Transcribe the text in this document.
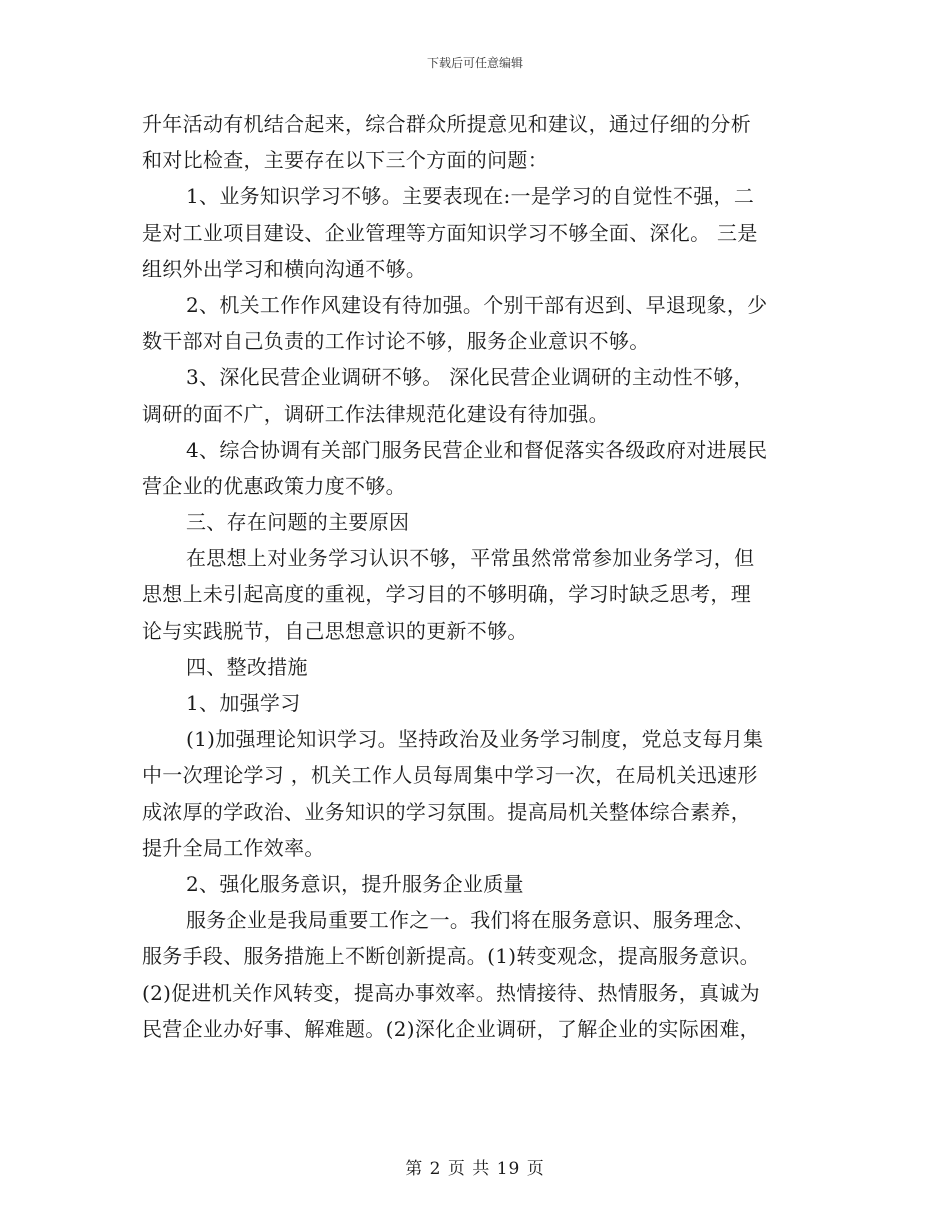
下载后可任意编辑
升年活动有机结合起来，综合群众所提意见和建议，通过仔细的分析
和对比检查，主要存在以下三个方面的问题：
1、业务知识学习不够。主要表现在:一是学习的自觉性不强，二
是对工业项目建设、企业管理等方面知识学习不够全面、深化。 三是
组织外出学习和横向沟通不够。
2、机关工作作风建设有待加强。个别干部有迟到、早退现象，少
数干部对自己负责的工作讨论不够，服务企业意识不够。
3、深化民营企业调研不够。 深化民营企业调研的主动性不够，
调研的面不广，调研工作法律规范化建设有待加强。
4、综合协调有关部门服务民营企业和督促落实各级政府对进展民
营企业的优惠政策力度不够。
三、存在问题的主要原因
在思想上对业务学习认识不够，平常虽然常常参加业务学习，但
思想上未引起高度的重视，学习目的不够明确，学习时缺乏思考，理
论与实践脱节，自己思想意识的更新不够。
四、整改措施
1、加强学习
(1)加强理论知识学习。坚持政治及业务学习制度，党总支每月集
中一次理论学习 ，机关工作人员每周集中学习一次，在局机关迅速形
成浓厚的学政治、业务知识的学习氛围。提高局机关整体综合素养，
提升全局工作效率。
2、强化服务意识，提升服务企业质量
服务企业是我局重要工作之一。我们将在服务意识、服务理念、
服务手段、服务措施上不断创新提高。(1)转变观念，提高服务意识。
(2)促进机关作风转变，提高办事效率。热情接待、热情服务，真诚为
民营企业办好事、解难题。(2)深化企业调研，了解企业的实际困难，
第 2 页 共 19 页
